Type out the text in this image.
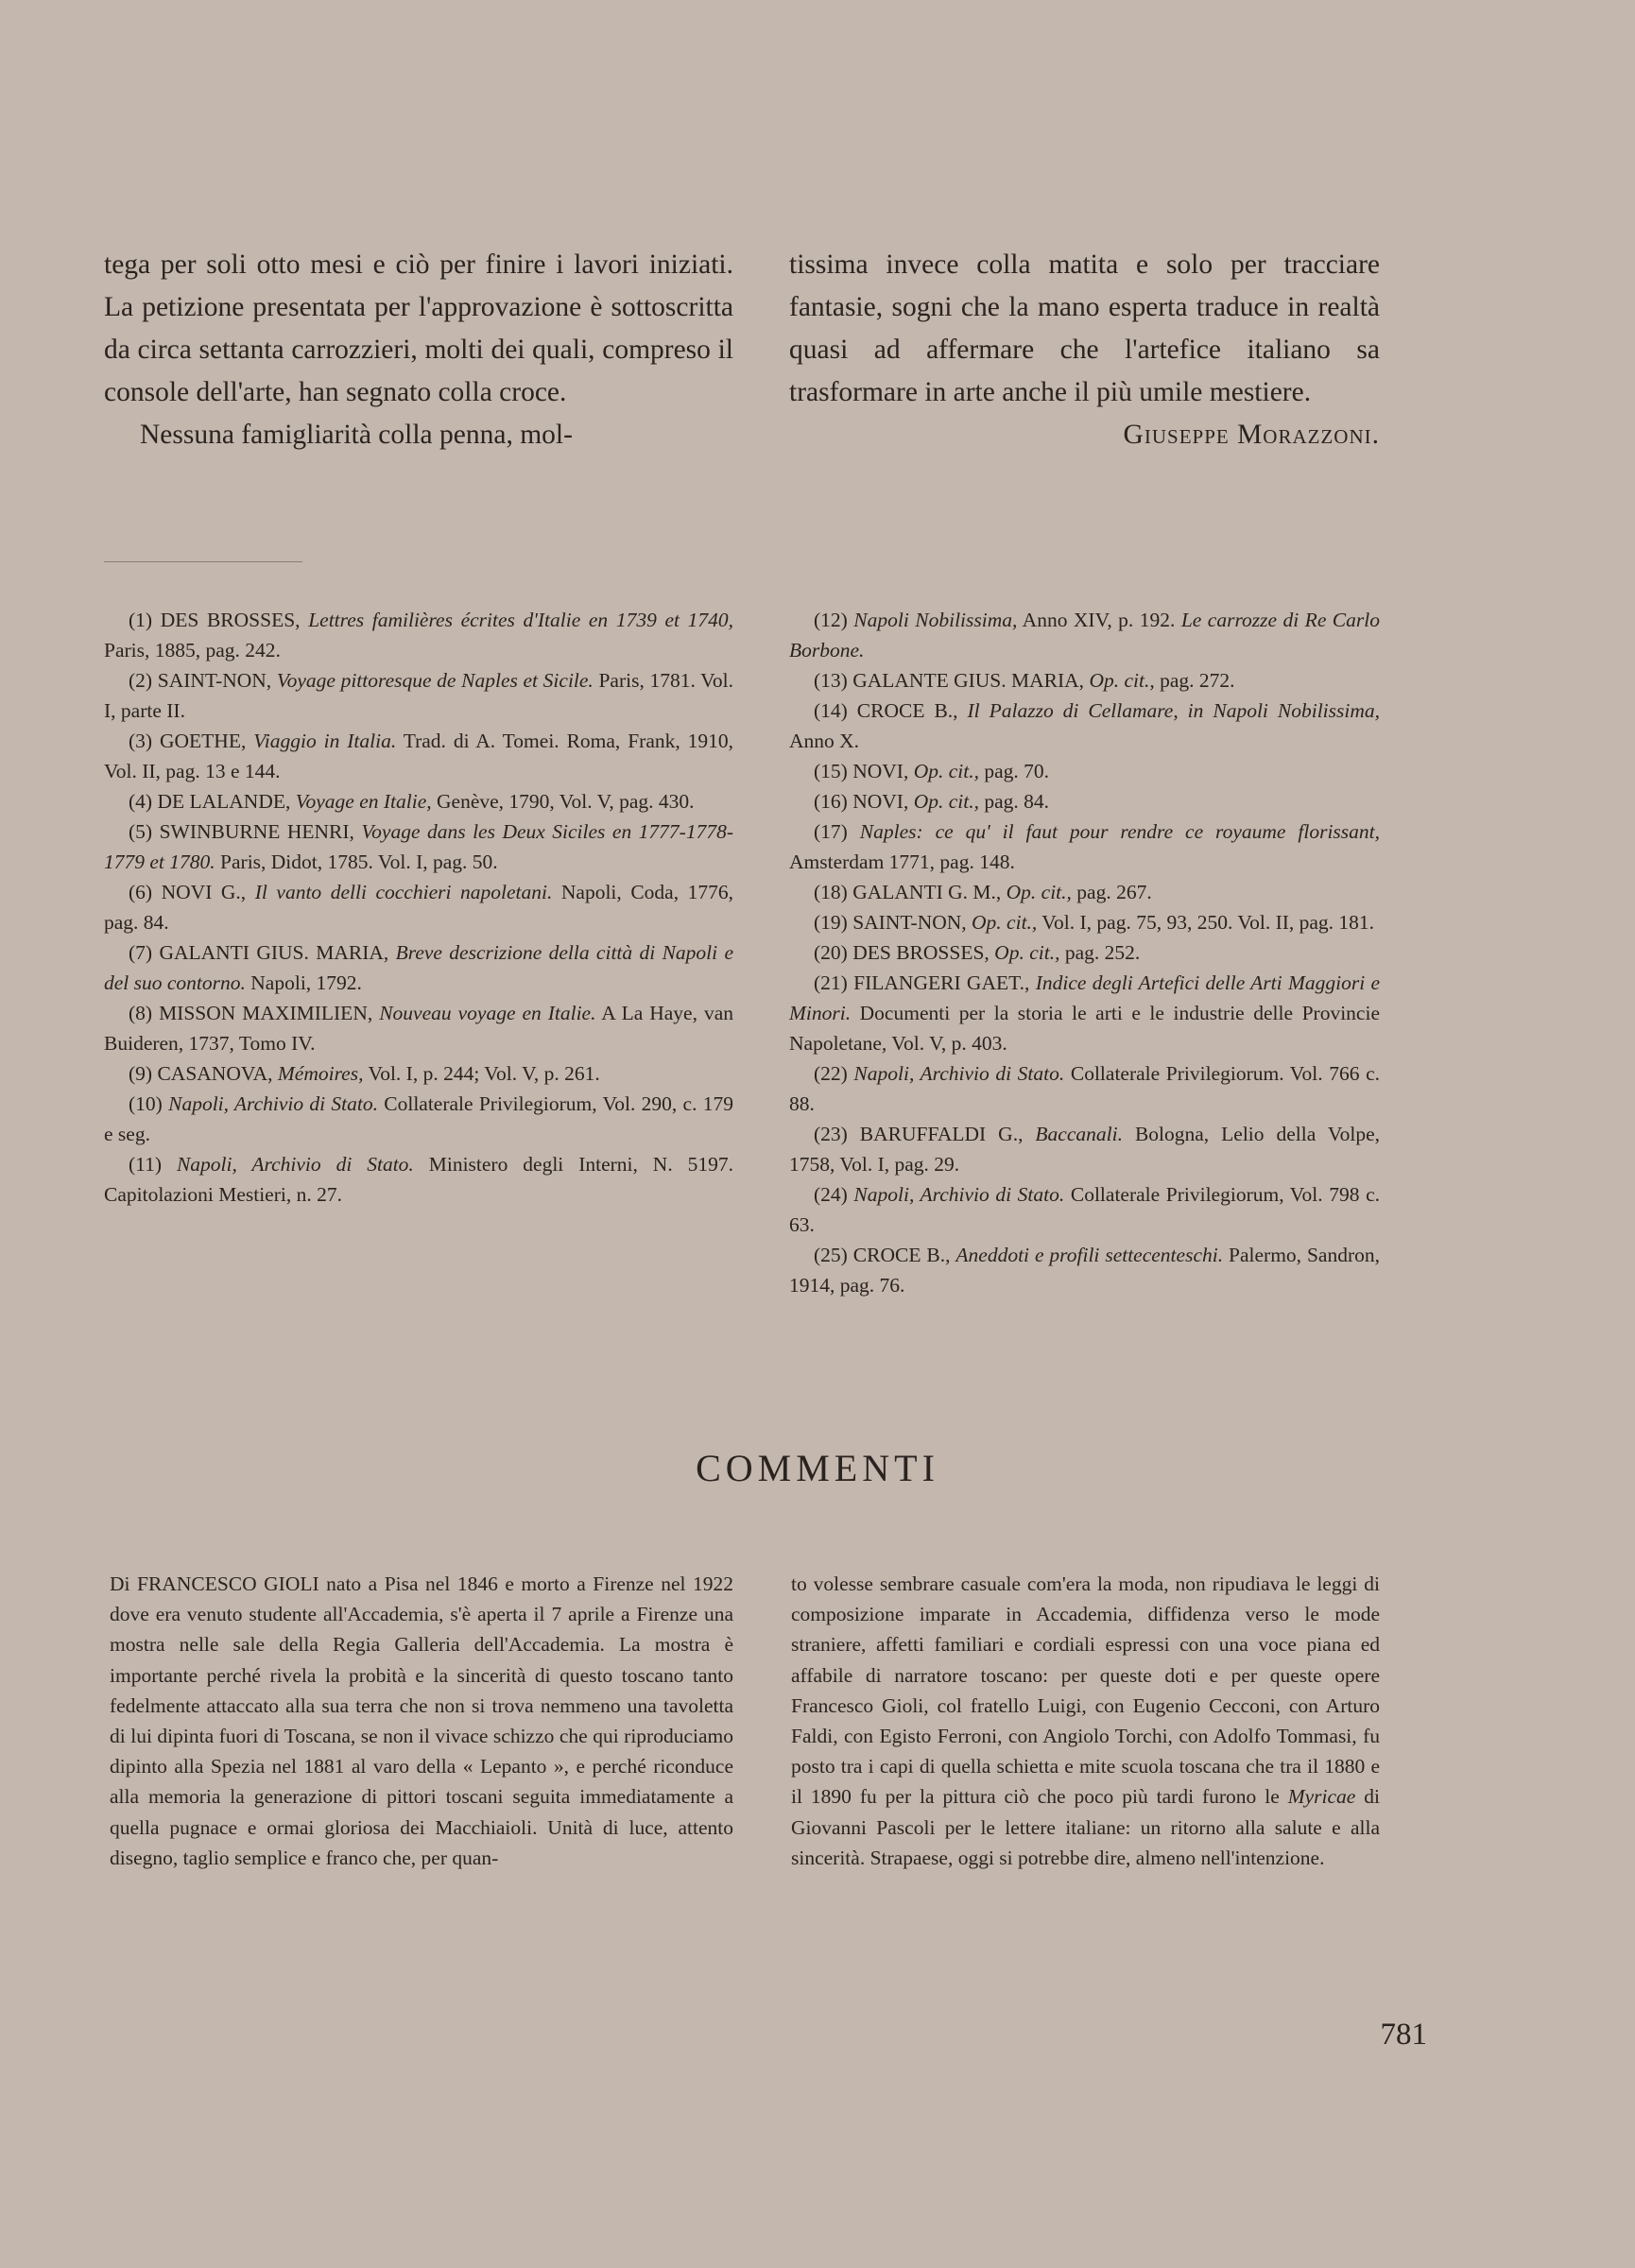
tega per soli otto mesi e ciò per finire i lavori iniziati. La petizione presentata per l'approvazione è sottoscritta da circa settanta carrozzieri, molti dei quali, compreso il console dell'arte, han segnato colla croce.

Nessuna famigliarità colla penna, mol-

tissima invece colla matita e solo per tracciare fantasie, sogni che la mano esperta traduce in realtà quasi ad affermare che l'artefice italiano sa trasformare in arte anche il più umile mestiere.

Giuseppe Morazzoni.

(1) DES BROSSES, Lettres familières écrites d'Italie en 1739 et 1740, Paris, 1885, pag. 242.

(2) SAINT-NON, Voyage pittoresque de Naples et Sicile. Paris, 1781. Vol. I, parte II.

(3) GOETHE, Viaggio in Italia. Trad. di A. Tomei. Roma, Frank, 1910, Vol. II, pag. 13 e 144.

(4) DE LALANDE, Voyage en Italie, Genève, 1790, Vol. V, pag. 430.

(5) SWINBURNE HENRI, Voyage dans les Deux Siciles en 1777-1778-1779 et 1780. Paris, Didot, 1785. Vol. I, pag. 50.

(6) NOVI G., Il vanto delli cocchieri napoletani. Napoli, Coda, 1776, pag. 84.

(7) GALANTI GIUS. MARIA, Breve descrizione della città di Napoli e del suo contorno. Napoli, 1792.

(8) MISSON MAXIMILIEN, Nouveau voyage en Italie. A La Haye, van Buideren, 1737, Tomo IV.

(9) CASANOVA, Mémoires, Vol. I, p. 244; Vol. V, p. 261.

(10) Napoli, Archivio di Stato. Collaterale Privilegiorum, Vol. 290, c. 179 e seg.

(11) Napoli, Archivio di Stato. Ministero degli Interni, N. 5197. Capitolazioni Mestieri, n. 27.

(12) Napoli Nobilissima, Anno XIV, p. 192. Le carrozze di Re Carlo Borbone.

(13) GALANTE GIUS. MARIA, Op. cit., pag. 272.

(14) CROCE B., Il Palazzo di Cellamare, in Napoli Nobilissima, Anno X.

(15) NOVI, Op. cit., pag. 70.

(16) NOVI, Op. cit., pag. 84.

(17) Naples: ce qu' il faut pour rendre ce royaume florissant, Amsterdam 1771, pag. 148.

(18) GALANTI G. M., Op. cit., pag. 267.

(19) SAINT-NON, Op. cit., Vol. I, pag. 75, 93, 250. Vol. II, pag. 181.

(20) DES BROSSES, Op. cit., pag. 252.

(21) FILANGERI GAET., Indice degli Artefici delle Arti Maggiori e Minori. Documenti per la storia le arti e le industrie delle Provincie Napoletane, Vol. V, p. 403.

(22) Napoli, Archivio di Stato. Collaterale Privilegiorum. Vol. 766 c. 88.

(23) BARUFFALDI G., Baccanali. Bologna, Lelio della Volpe, 1758, Vol. I, pag. 29.

(24) Napoli, Archivio di Stato. Collaterale Privilegiorum, Vol. 798 c. 63.

(25) CROCE B., Aneddoti e profili settecenteschi. Palermo, Sandron, 1914, pag. 76.

COMMENTI

Di FRANCESCO GIOLI nato a Pisa nel 1846 e morto a Firenze nel 1922 dove era venuto studente all'Accademia, s'è aperta il 7 aprile a Firenze una mostra nelle sale della Regia Galleria dell'Accademia. La mostra è importante perché rivela la probità e la sincerità di questo toscano tanto fedelmente attaccato alla sua terra che non si trova nemmeno una tavoletta di lui dipinta fuori di Toscana, se non il vivace schizzo che qui riproduciamo dipinto alla Spezia nel 1881 al varo della « Lepanto », e perché riconduce alla memoria la generazione di pittori toscani seguita immediatamente a quella pugnace e ormai gloriosa dei Macchiaioli. Unità di luce, attento disegno, taglio semplice e franco che, per quan-

to volesse sembrare casuale com'era la moda, non ripudiava le leggi di composizione imparate in Accademia, diffidenza verso le mode straniere, affetti familiari e cordiali espressi con una voce piana ed affabile di narratore toscano: per queste doti e per queste opere Francesco Gioli, col fratello Luigi, con Eugenio Cecconi, con Arturo Faldi, con Egisto Ferroni, con Angiolo Torchi, con Adolfo Tommasi, fu posto tra i capi di quella schietta e mite scuola toscana che tra il 1880 e il 1890 fu per la pittura ciò che poco più tardi furono le Myricae di Giovanni Pascoli per le lettere italiane: un ritorno alla salute e alla sincerità. Strapaese, oggi si potrebbe dire, almeno nell'intenzione.

781
